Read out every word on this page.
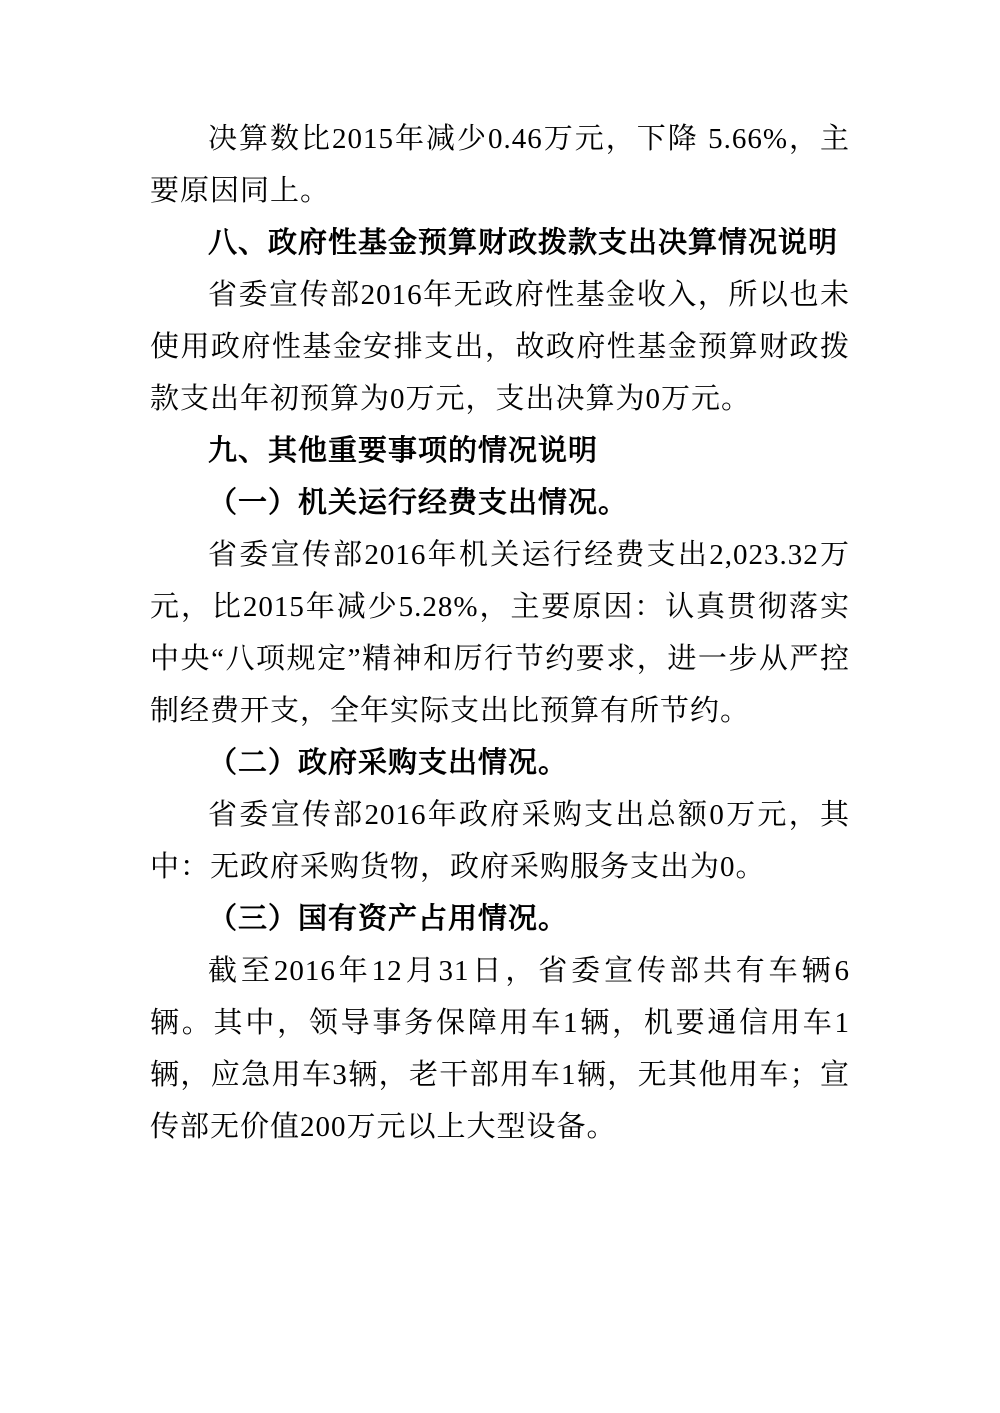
决算数比2015年减少0.46万元，下降 5.66%，主要原因同上。

八、政府性基金预算财政拨款支出决算情况说明

省委宣传部2016年无政府性基金收入，所以也未使用政府性基金安排支出，故政府性基金预算财政拨款支出年初预算为0万元，支出决算为0万元。

九、其他重要事项的情况说明

（一）机关运行经费支出情况。

省委宣传部2016年机关运行经费支出2,023.32万元，比2015年减少5.28%，主要原因：认真贯彻落实中央“八项规定”精神和厉行节约要求，进一步从严控制经费开支，全年实际支出比预算有所节约。

（二）政府采购支出情况。

省委宣传部2016年政府采购支出总额0万元，其中：无政府采购货物，政府采购服务支出为0。

（三）国有资产占用情况。

截至2016年12月31日，省委宣传部共有车辆6辆。其中，领导事务保障用车1辆，机要通信用车1辆，应急用车3辆，老干部用车1辆，无其他用车；宣传部无价值200万元以上大型设备。
